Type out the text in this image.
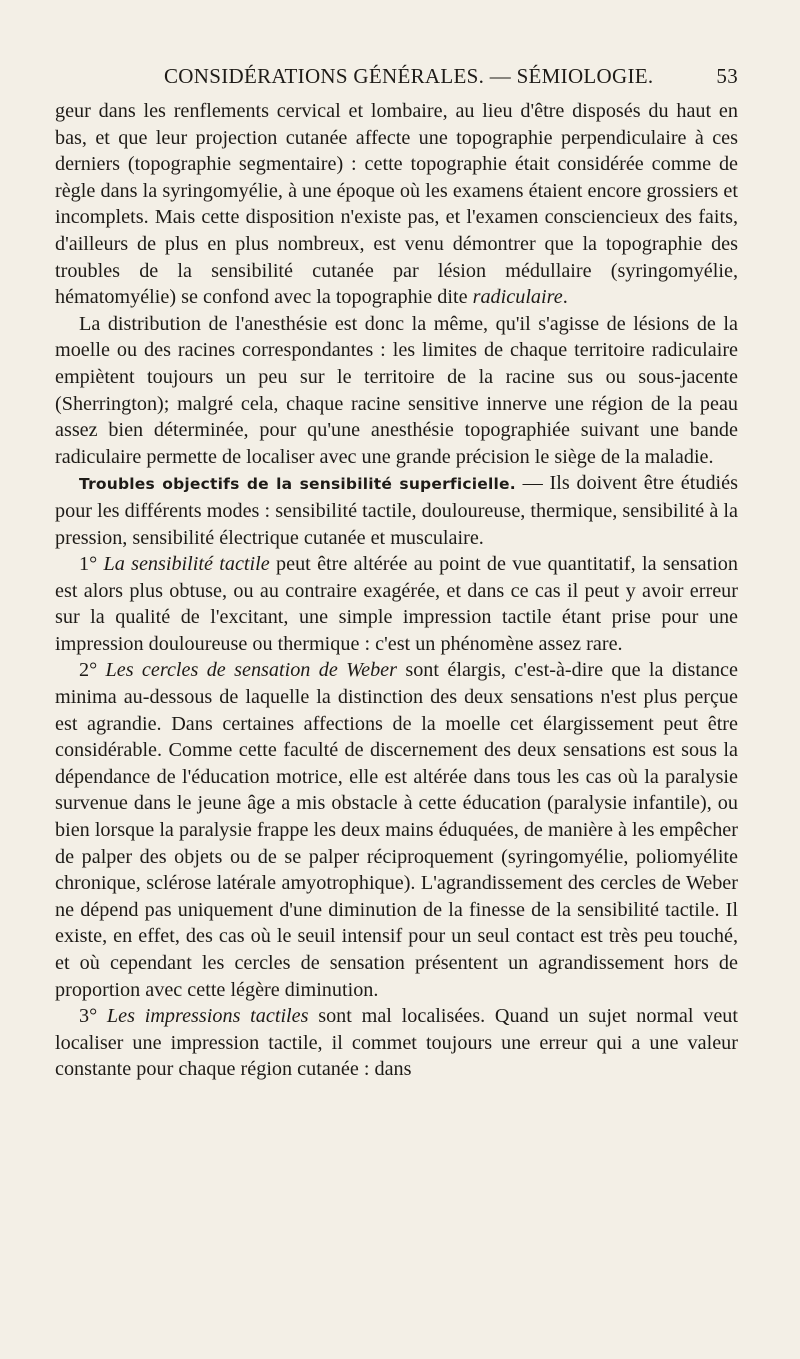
CONSIDÉRATIONS GÉNÉRALES. — SÉMIOLOGIE.	53

geur dans les renflements cervical et lombaire, au lieu d'être disposés du haut en bas, et que leur projection cutanée affecte une topographie perpendiculaire à ces derniers (topographie segmentaire) : cette topographie était considérée comme de règle dans la syringomyélie, à une époque où les examens étaient encore grossiers et incomplets. Mais cette disposition n'existe pas, et l'examen consciencieux des faits, d'ailleurs de plus en plus nombreux, est venu démontrer que la topographie des troubles de la sensibilité cutanée par lésion médullaire (syringomyélie, hématomyélie) se confond avec la topographie dite radiculaire.

La distribution de l'anesthésie est donc la même, qu'il s'agisse de lésions de la moelle ou des racines correspondantes : les limites de chaque territoire radiculaire empiètent toujours un peu sur le territoire de la racine sus ou sous-jacente (Sherrington); malgré cela, chaque racine sensitive innerve une région de la peau assez bien déterminée, pour qu'une anesthésie topographiée suivant une bande radiculaire permette de localiser avec une grande précision le siège de la maladie.

Troubles objectifs de la sensibilité superficielle. — Ils doivent être étudiés pour les différents modes : sensibilité tactile, douloureuse, thermique, sensibilité à la pression, sensibilité électrique cutanée et musculaire.

1° La sensibilité tactile peut être altérée au point de vue quantitatif, la sensation est alors plus obtuse, ou au contraire exagérée, et dans ce cas il peut y avoir erreur sur la qualité de l'excitant, une simple impression tactile étant prise pour une impression douloureuse ou thermique : c'est un phénomène assez rare.

2° Les cercles de sensation de Weber sont élargis, c'est-à-dire que la distance minima au-dessous de laquelle la distinction des deux sensations n'est plus perçue est agrandie. Dans certaines affections de la moelle cet élargissement peut être considérable. Comme cette faculté de discernement des deux sensations est sous la dépendance de l'éducation motrice, elle est altérée dans tous les cas où la paralysie survenue dans le jeune âge a mis obstacle à cette éducation (paralysie infantile), ou bien lorsque la paralysie frappe les deux mains éduquées, de manière à les empêcher de palper des objets ou de se palper réciproquement (syringomyélie, poliomyélite chronique, sclérose latérale amyotrophique). L'agrandissement des cercles de Weber ne dépend pas uniquement d'une diminution de la finesse de la sensibilité tactile. Il existe, en effet, des cas où le seuil intensif pour un seul contact est très peu touché, et où cependant les cercles de sensation présentent un agrandissement hors de proportion avec cette légère diminution.

3° Les impressions tactiles sont mal localisées. Quand un sujet normal veut localiser une impression tactile, il commet toujours une erreur qui a une valeur constante pour chaque région cutanée : dans
